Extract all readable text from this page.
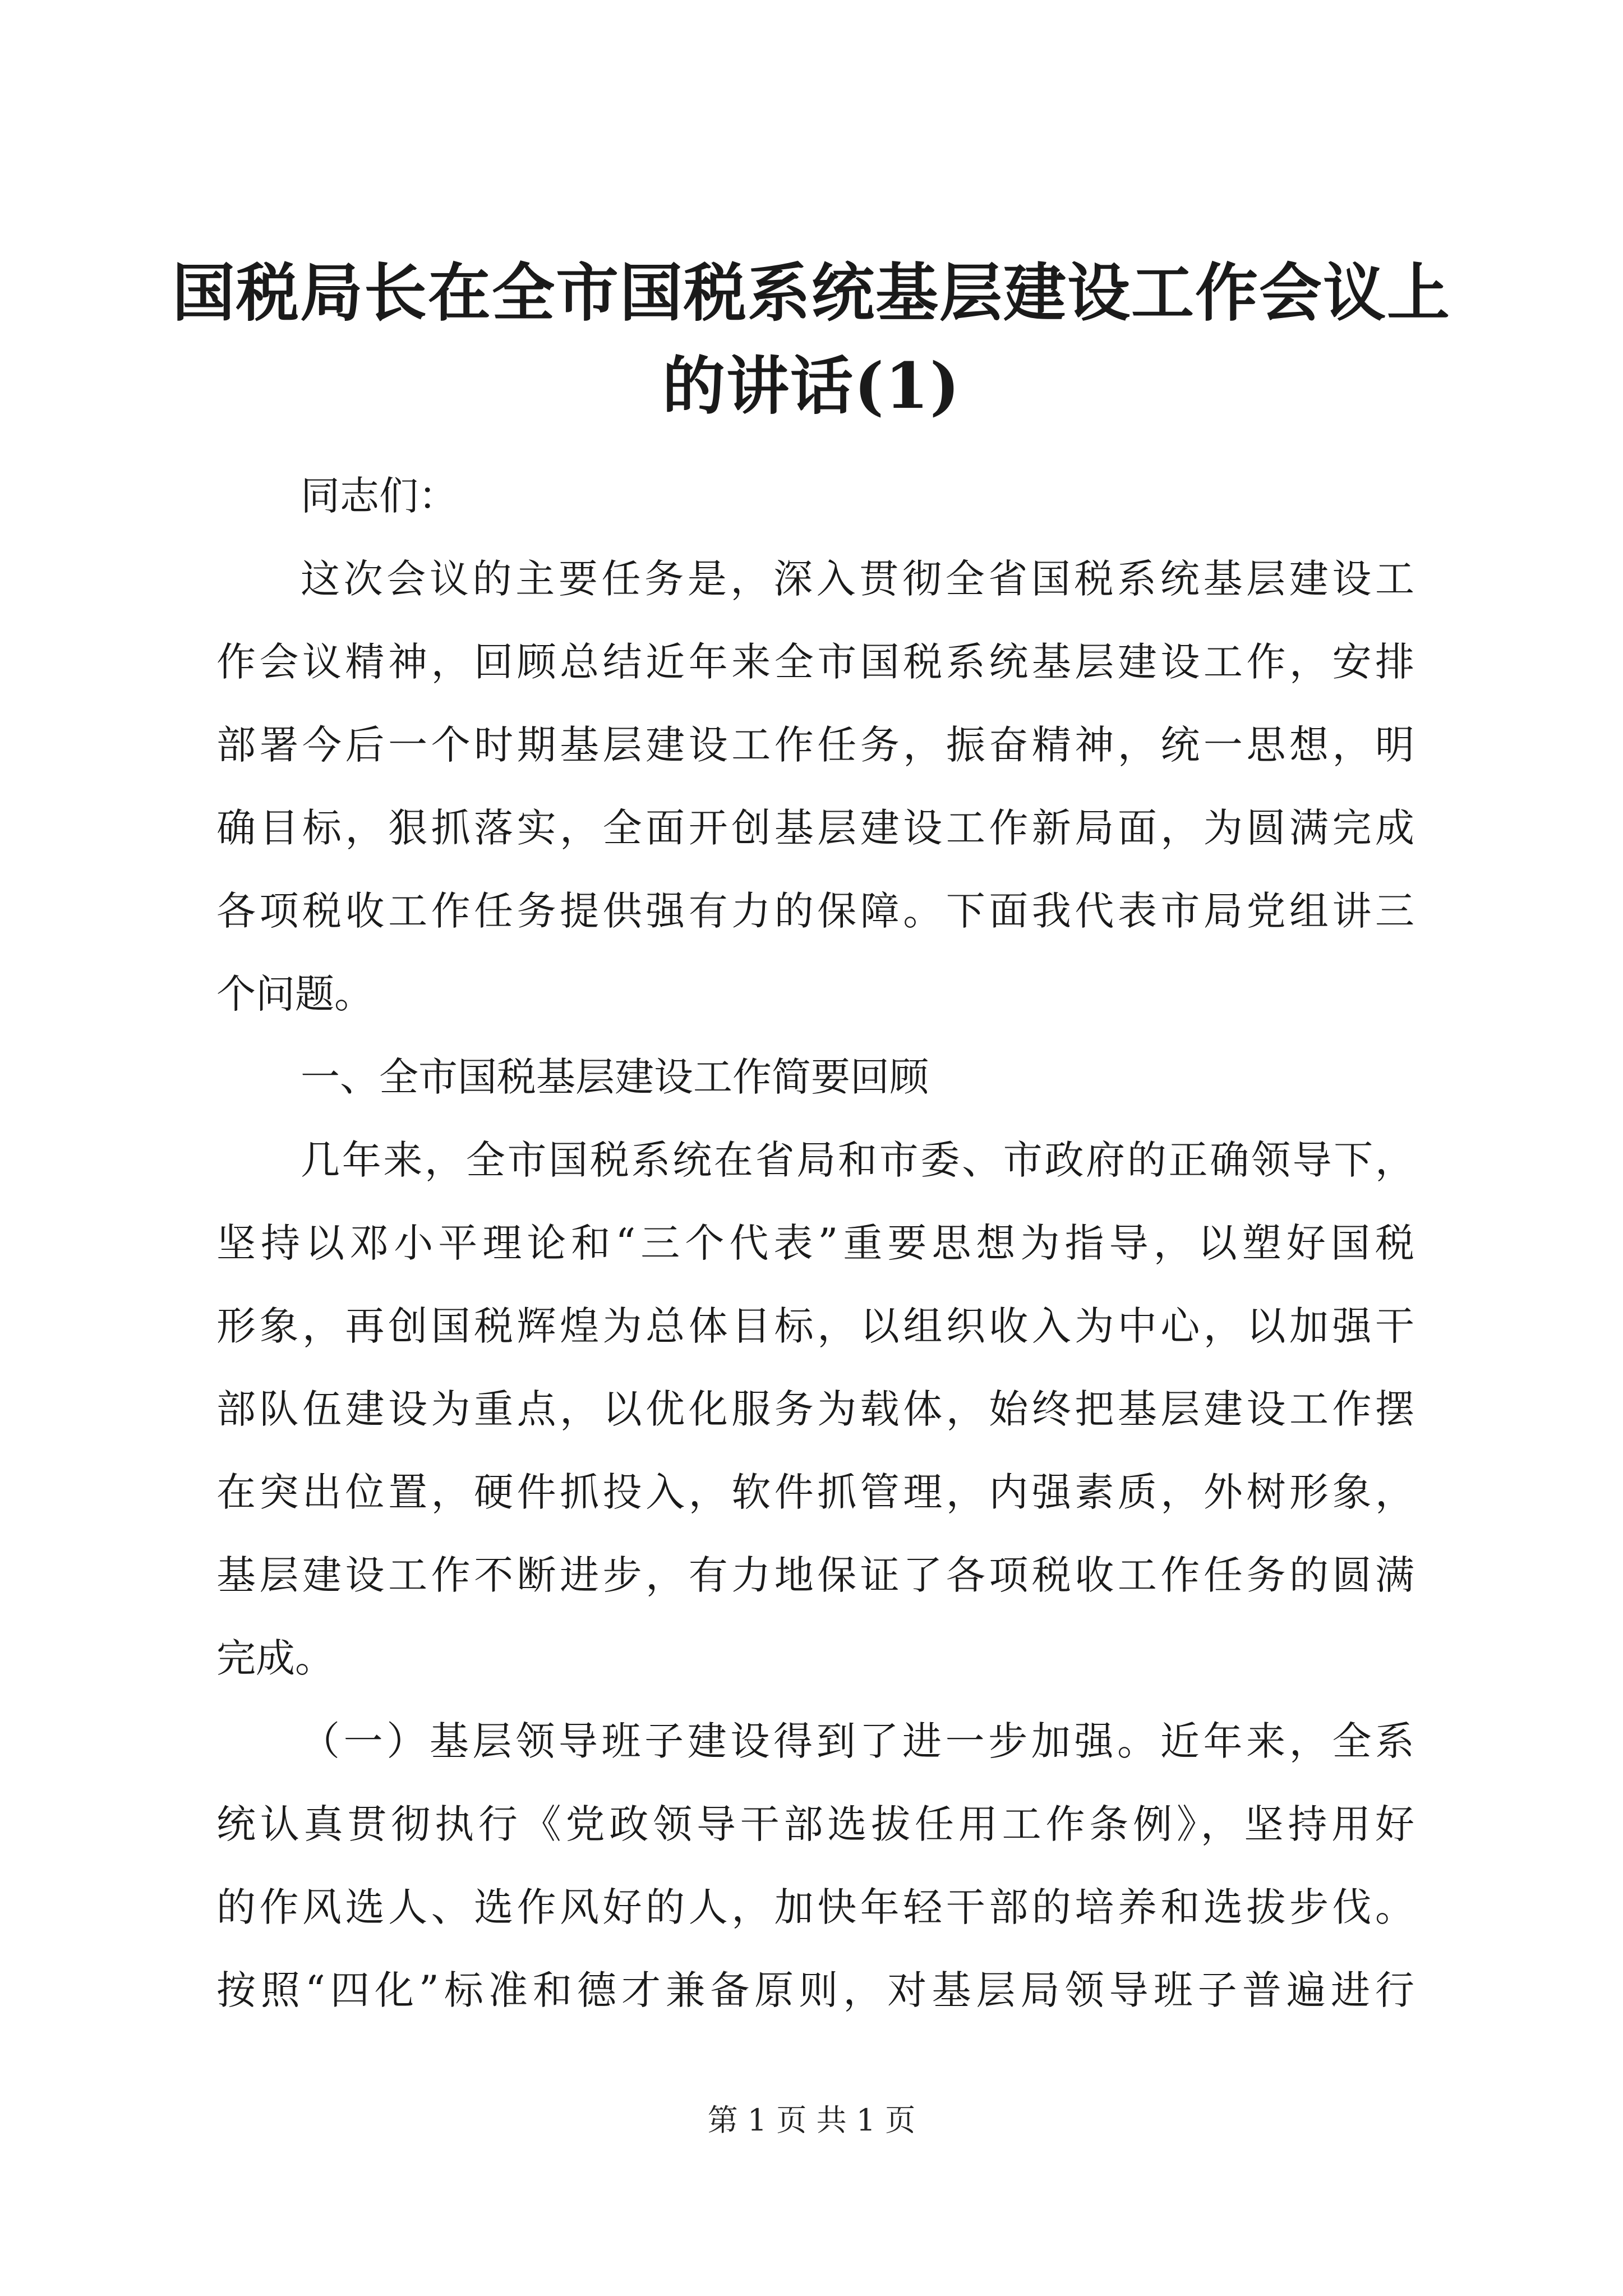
国税局长在全市国税系统基层建设工作会议上
的讲话(1)
同志们：
这次会议的主要任务是，深入贯彻全省国税系统基层建设工
作会议精神，回顾总结近年来全市国税系统基层建设工作，安排
部署今后一个时期基层建设工作任务，振奋精神，统一思想，明
确目标，狠抓落实，全面开创基层建设工作新局面，为圆满完成
各项税收工作任务提供强有力的保障。下面我代表市局党组讲三
个问题。
一、全市国税基层建设工作简要回顾
几年来，全市国税系统在省局和市委、市政府的正确领导下，
坚持以邓小平理论和“三个代表”重要思想为指导，以塑好国税
形象，再创国税辉煌为总体目标，以组织收入为中心，以加强干
部队伍建设为重点，以优化服务为载体，始终把基层建设工作摆
在突出位置，硬件抓投入，软件抓管理，内强素质，外树形象，
基层建设工作不断进步，有力地保证了各项税收工作任务的圆满
完成。
（一）基层领导班子建设得到了进一步加强。近年来，全系
统认真贯彻执行《党政领导干部选拔任用工作条例》，坚持用好
的作风选人、选作风好的人，加快年轻干部的培养和选拔步伐。
按照“四化”标准和德才兼备原则，对基层局领导班子普遍进行
第 1 页 共 1 页
